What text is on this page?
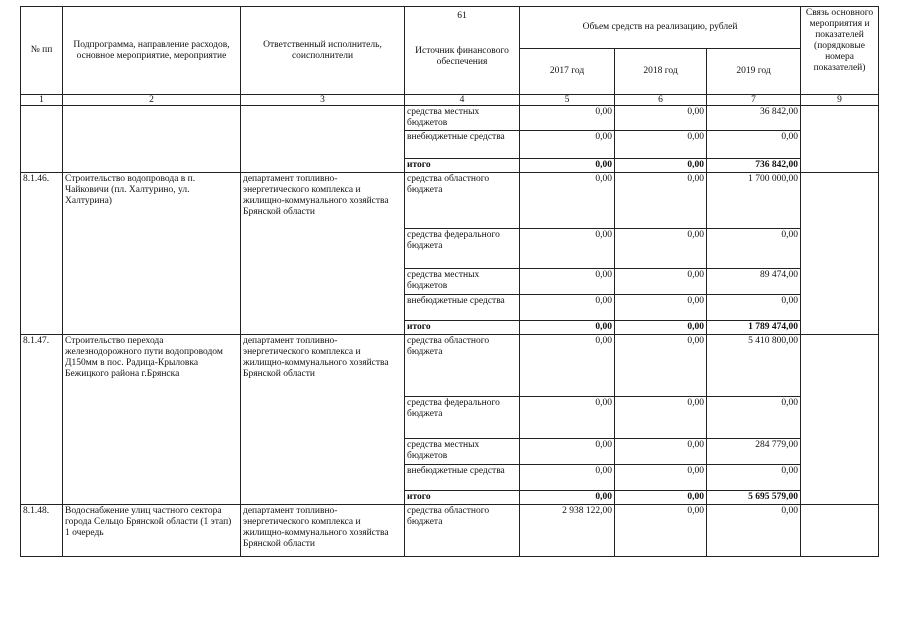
№ пп	Подпрограмма, направление расходов, основное мероприятие, мероприятие	Ответственный исполнитель, соисполнители	61
Источник финансового обеспечения	Объем средств на реализацию, рублей			Связь основного мероприятия и показателей (порядковые номера показателей)
				2017 год	2018 год	2019 год	
1	2	3	4	5	6	7	9
			средства местных бюджетов	0,00	0,00	36 842,00	
			внебюджетные средства	0,00	0,00	0,00	
			итого	0,00	0,00	736 842,00	
8.1.46.	Строительство водопровода в п. Чайковичи (пл. Халтурино, ул. Халтурина)	департамент топливно-энергетического комплекса и жилищно-коммунального хозяйства Брянской области	средства областного бюджета	0,00	0,00	1 700 000,00	
			средства федерального бюджета	0,00	0,00	0,00	
			средства местных бюджетов	0,00	0,00	89 474,00	
			внебюджетные средства	0,00	0,00	0,00	
			итого	0,00	0,00	1 789 474,00	
8.1.47.	Строительство перехода железнодорожного пути водопроводом Д150мм в пос. Радица-Крыловка Бежицкого района г.Брянска	департамент топливно-энергетического комплекса и жилищно-коммунального хозяйства Брянской области	средства областного бюджета	0,00	0,00	5 410 800,00	
			средства федерального бюджета	0,00	0,00	0,00	
			средства местных бюджетов	0,00	0,00	284 779,00	
			внебюджетные средства	0,00	0,00	0,00	
			итого	0,00	0,00	5 695 579,00	
8.1.48.	Водоснабжение улиц частного сектора города Сельцо Брянской области (1 этап) 1 очередь	департамент топливно-энергетического комплекса и жилищно-коммунального хозяйства Брянской области	средства областного бюджета	2 938 122,00	0,00	0,00	
